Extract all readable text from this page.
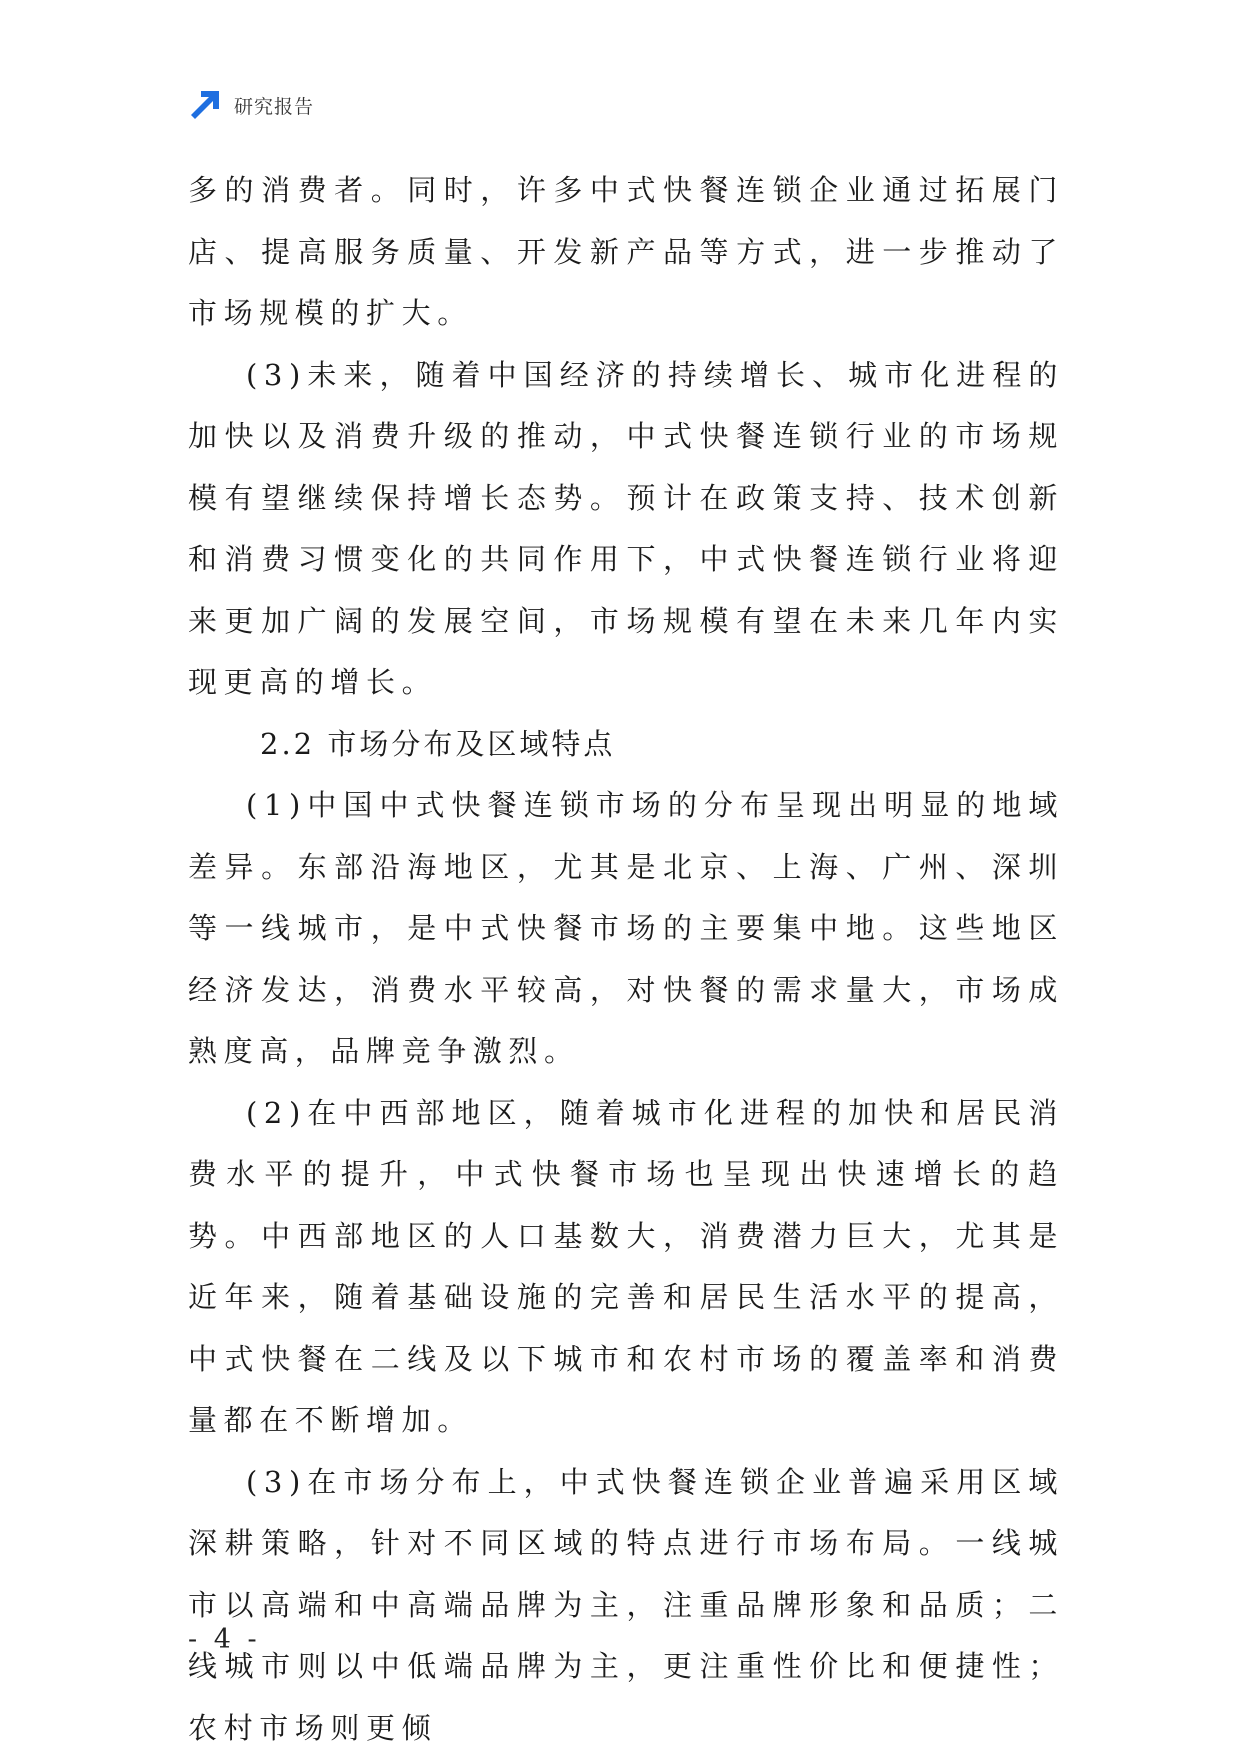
研究报告

多的消费者。同时，许多中式快餐连锁企业通过拓展门店、提高服务质量、开发新产品等方式，进一步推动了市场规模的扩大。

(3)未来，随着中国经济的持续增长、城市化进程的加快以及消费升级的推动，中式快餐连锁行业的市场规模有望继续保持增长态势。预计在政策支持、技术创新和消费习惯变化的共同作用下，中式快餐连锁行业将迎来更加广阔的发展空间，市场规模有望在未来几年内实现更高的增长。

2.2 市场分布及区域特点

(1)中国中式快餐连锁市场的分布呈现出明显的地域差异。东部沿海地区，尤其是北京、上海、广州、深圳等一线城市，是中式快餐市场的主要集中地。这些地区经济发达，消费水平较高，对快餐的需求量大，市场成熟度高，品牌竞争激烈。

(2)在中西部地区，随着城市化进程的加快和居民消费水平的提升，中式快餐市场也呈现出快速增长的趋势。中西部地区的人口基数大，消费潜力巨大，尤其是近年来，随着基础设施的完善和居民生活水平的提高，中式快餐在二线及以下城市和农村市场的覆盖率和消费量都在不断增加。

(3)在市场分布上，中式快餐连锁企业普遍采用区域深耕策略，针对不同区域的特点进行市场布局。一线城市以高端和中高端品牌为主，注重品牌形象和品质；二线城市则以中低端品牌为主，更注重性价比和便捷性；农村市场则更倾

- 4 -
